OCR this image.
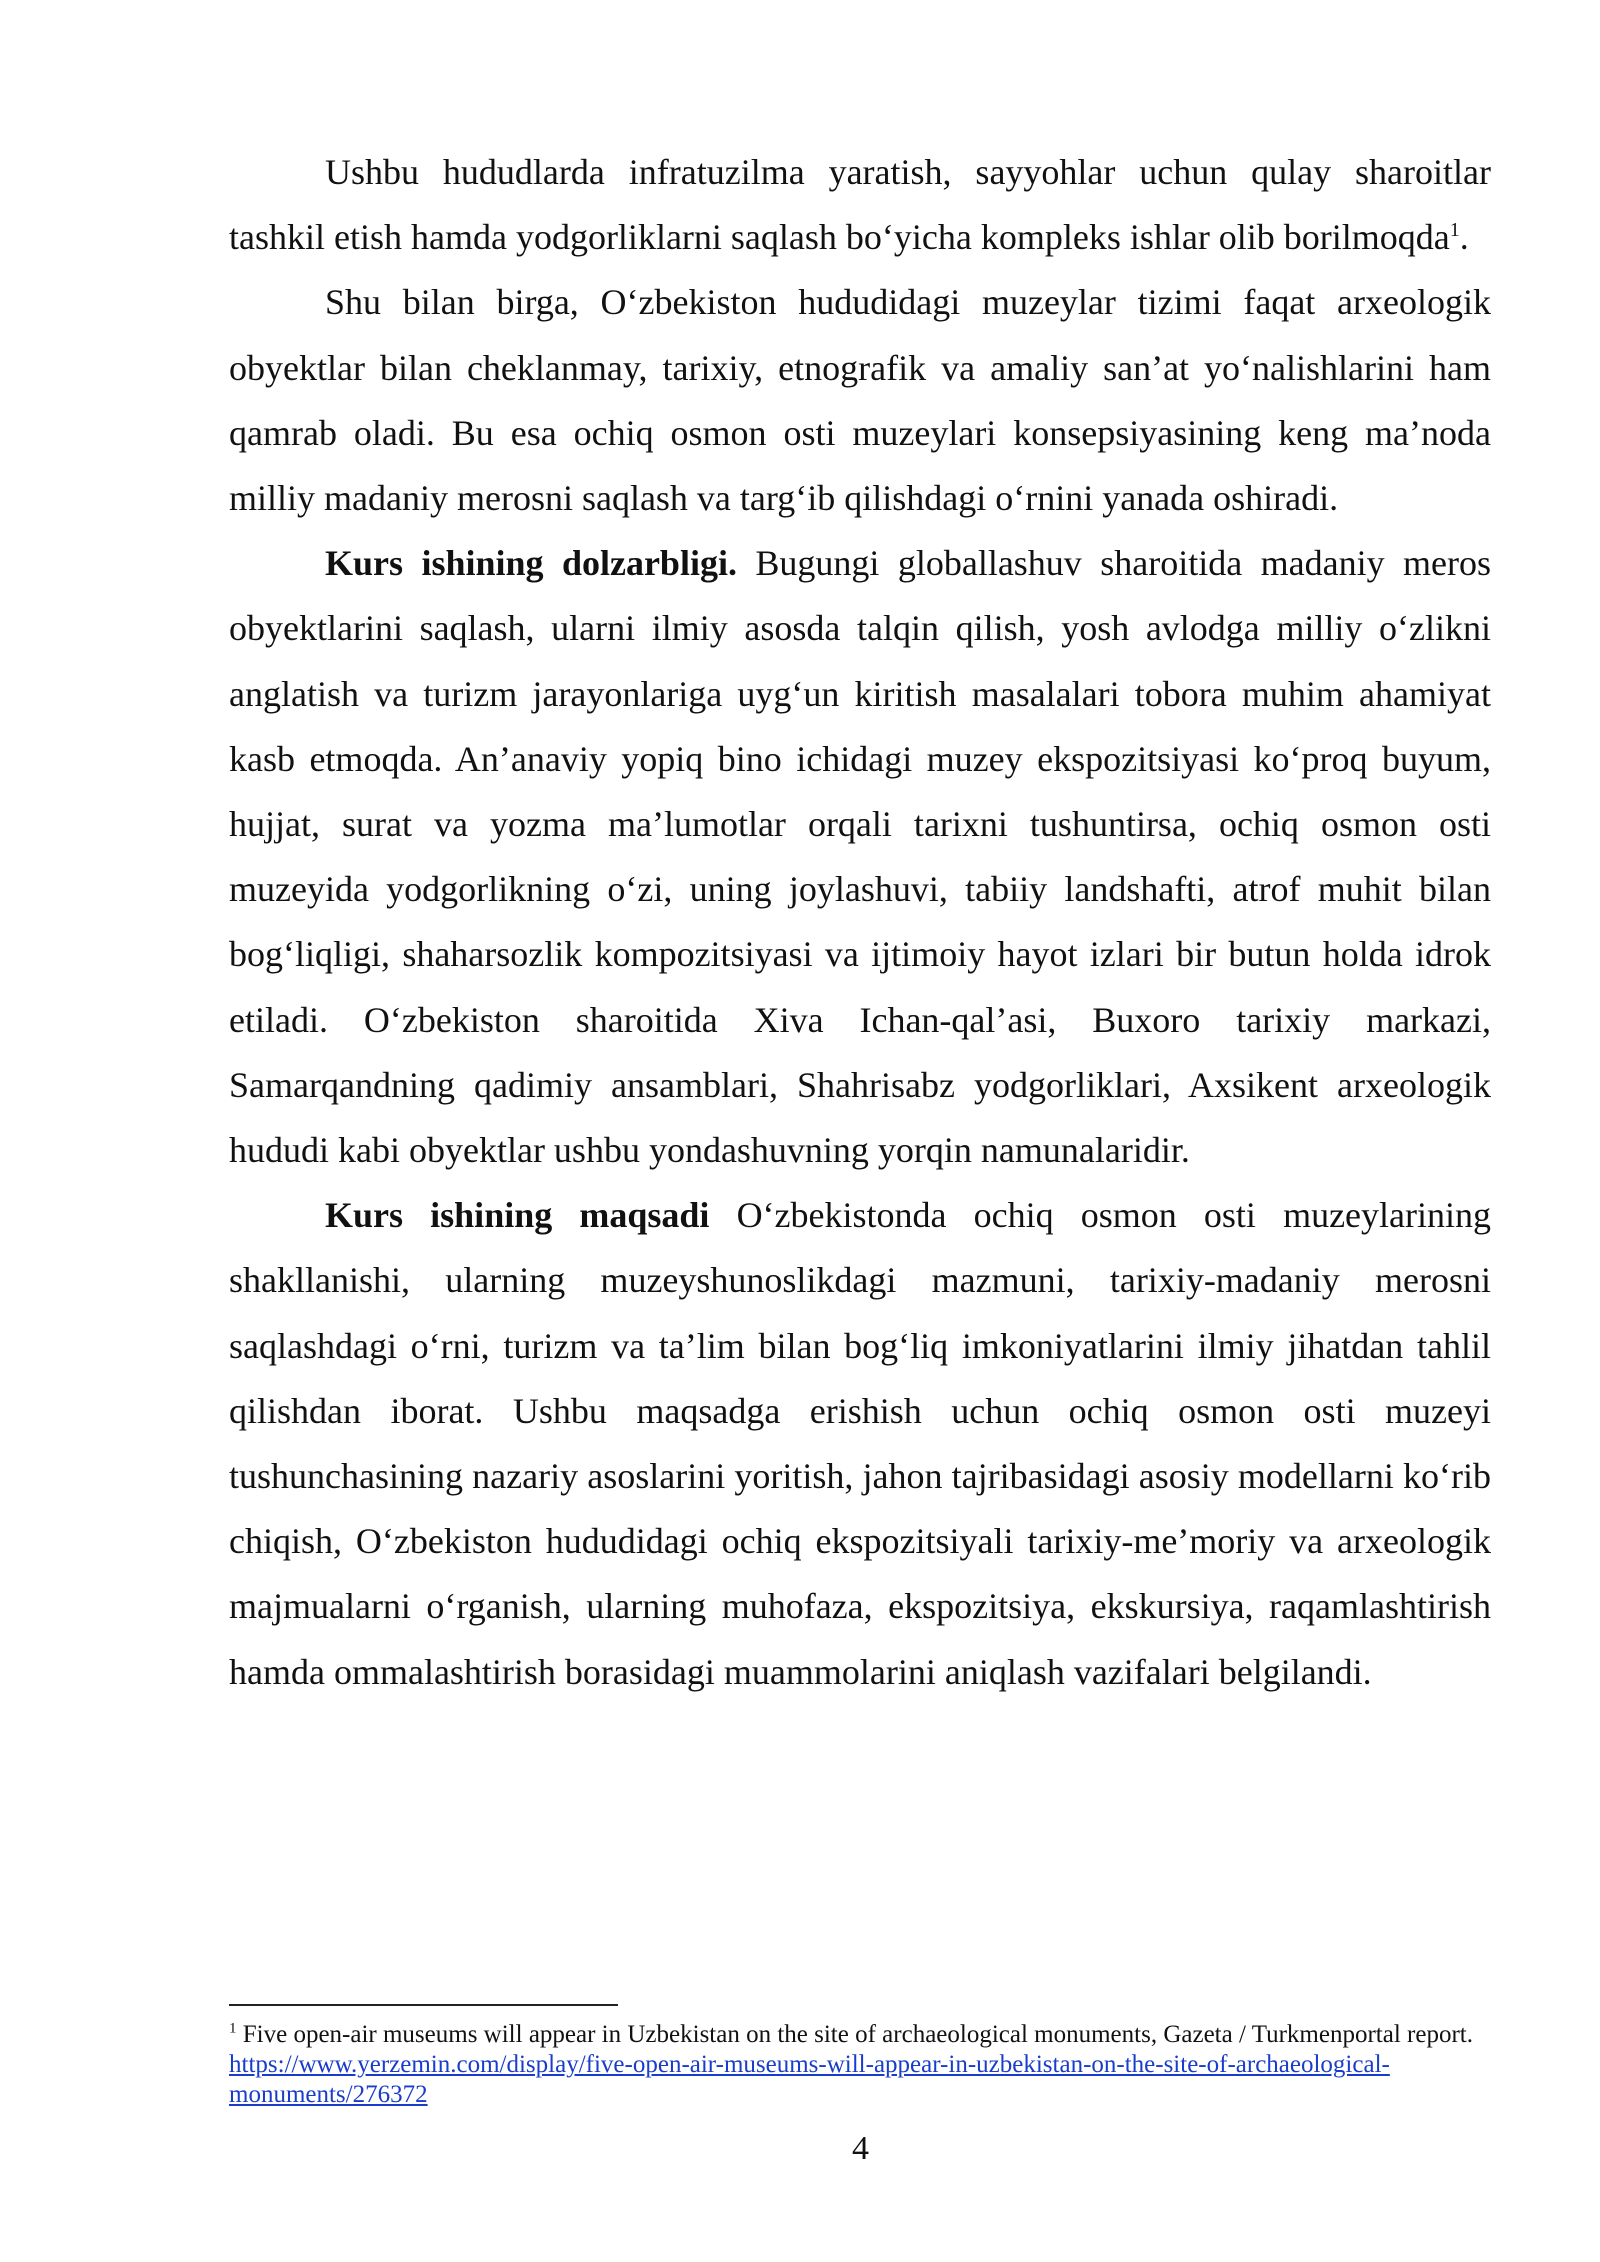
Ushbu hududlarda infratuzilma yaratish, sayyohlar uchun qulay sharoitlar tashkil etish hamda yodgorliklarni saqlash bo‘yicha kompleks ishlar olib borilmoqda$^1$.

Shu bilan birga, O‘zbekiston hududidagi muzeylar tizimi faqat arxeologik obyektlar bilan cheklanmay, tarixiy, etnografik va amaliy san’at yo‘nalishlarini ham qamrab oladi. Bu esa ochiq osmon osti muzeylari konsepsiyasining keng ma’noda milliy madaniy merosni saqlash va targ‘ib qilishdagi o‘rnini yanada oshiradi.

Kurs ishining dolzarbligi. Bugungi globallashuv sharoitida madaniy meros obyektlarini saqlash, ularni ilmiy asosda talqin qilish, yosh avlodga milliy o‘zlikni anglatish va turizm jarayonlariga uyg‘un kiritish masalalari tobora muhim ahamiyat kasb etmoqda. An’anaviy yopiq bino ichidagi muzey ekspozitsiyasi ko‘proq buyum, hujjat, surat va yozma ma’lumotlar orqali tarixni tushuntirsa, ochiq osmon osti muzeyida yodgorlikning o‘zi, uning joylashuvi, tabiiy landshafti, atrof muhit bilan bog‘liqligi, shaharsozlik kompozitsiyasi va ijtimoiy hayot izlari bir butun holda idrok etiladi. O‘zbekiston sharoitida Xiva Ichan-qal’asi, Buxoro tarixiy markazi, Samarqandning qadimiy ansamblari, Shahrisabz yodgorliklari, Axsikent arxeologik hududi kabi obyektlar ushbu yondashuvning yorqin namunalaridir.

Kurs ishining maqsadi O‘zbekistonda ochiq osmon osti muzeylarining shakllanishi, ularning muzeyshunoslikdagi mazmuni, tarixiy-madaniy merosni saqlashdagi o‘rni, turizm va ta’lim bilan bog‘liq imkoniyatlarini ilmiy jihatdan tahlil qilishdan iborat. Ushbu maqsadga erishish uchun ochiq osmon osti muzeyi tushunchasining nazariy asoslarini yoritish, jahon tajribasidagi asosiy modellarni ko‘rib chiqish, O‘zbekiston hududidagi ochiq ekspozitsiyali tarixiy-me’moriy va arxeologik majmualarni o‘rganish, ularning muhofaza, ekspozitsiya, ekskursiya, raqamlashtirish hamda ommalashtirish borasidagi muammolarini aniqlash vazifalari belgilandi.

$^1$ Five open-air museums will appear in Uzbekistan on the site of archaeological monuments, Gazeta / Turkmenportal report. https://www.yerzemin.com/display/five-open-air-museums-will-appear-in-uzbekistan-on-the-site-of-archaeological-monuments/276372
4
